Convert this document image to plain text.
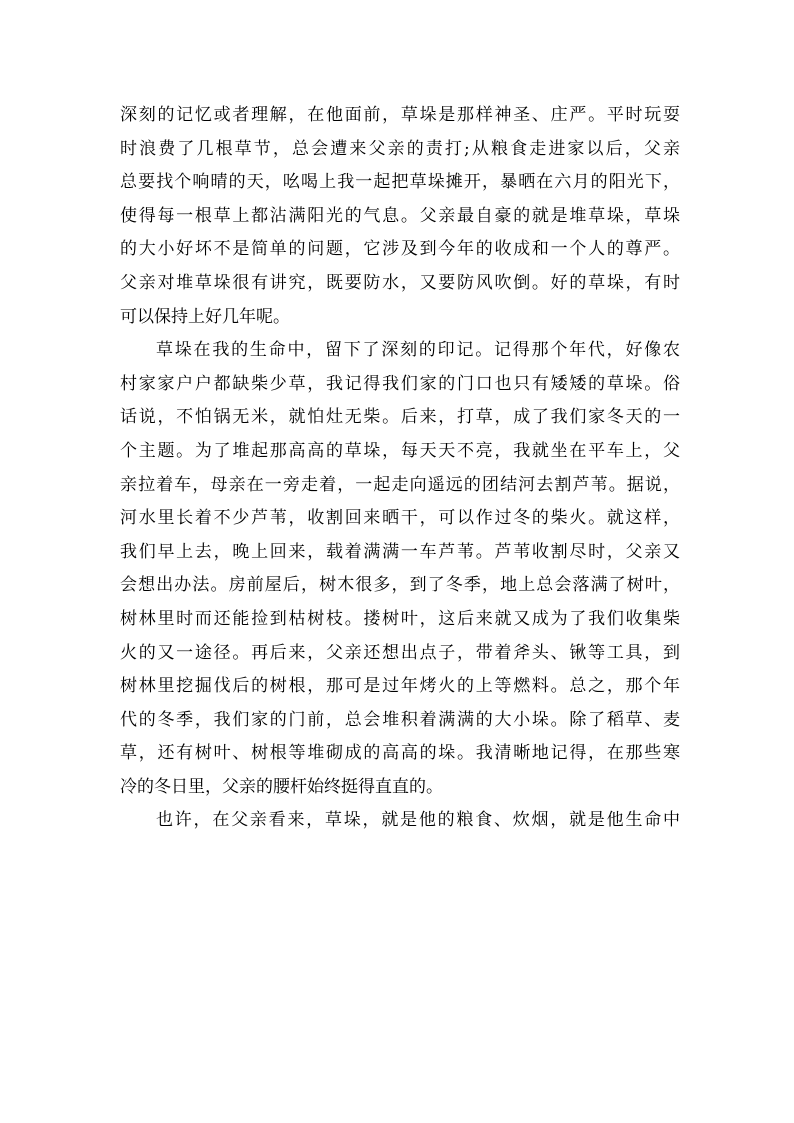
深刻的记忆或者理解，在他面前，草垛是那样神圣、庄严。平时玩耍
时浪费了几根草节，总会遭来父亲的责打;从粮食走进家以后，父亲
总要找个响晴的天，吆喝上我一起把草垛摊开，暴晒在六月的阳光下，
使得每一根草上都沾满阳光的气息。父亲最自豪的就是堆草垛，草垛
的大小好坏不是简单的问题，它涉及到今年的收成和一个人的尊严。
父亲对堆草垛很有讲究，既要防水，又要防风吹倒。好的草垛，有时
可以保持上好几年呢。
草垛在我的生命中，留下了深刻的印记。记得那个年代，好像农
村家家户户都缺柴少草，我记得我们家的门口也只有矮矮的草垛。俗
话说，不怕锅无米，就怕灶无柴。后来，打草，成了我们家冬天的一
个主题。为了堆起那高高的草垛，每天天不亮，我就坐在平车上，父
亲拉着车，母亲在一旁走着，一起走向遥远的团结河去割芦苇。据说，
河水里长着不少芦苇，收割回来晒干，可以作过冬的柴火。就这样，
我们早上去，晚上回来，载着满满一车芦苇。芦苇收割尽时，父亲又
会想出办法。房前屋后，树木很多，到了冬季，地上总会落满了树叶，
树林里时而还能捡到枯树枝。搂树叶，这后来就又成为了我们收集柴
火的又一途径。再后来，父亲还想出点子，带着斧头、锹等工具，到
树林里挖掘伐后的树根，那可是过年烤火的上等燃料。总之，那个年
代的冬季，我们家的门前，总会堆积着满满的大小垛。除了稻草、麦
草，还有树叶、树根等堆砌成的高高的垛。我清晰地记得，在那些寒
冷的冬日里，父亲的腰杆始终挺得直直的。
也许，在父亲看来，草垛，就是他的粮食、炊烟，就是他生命中
